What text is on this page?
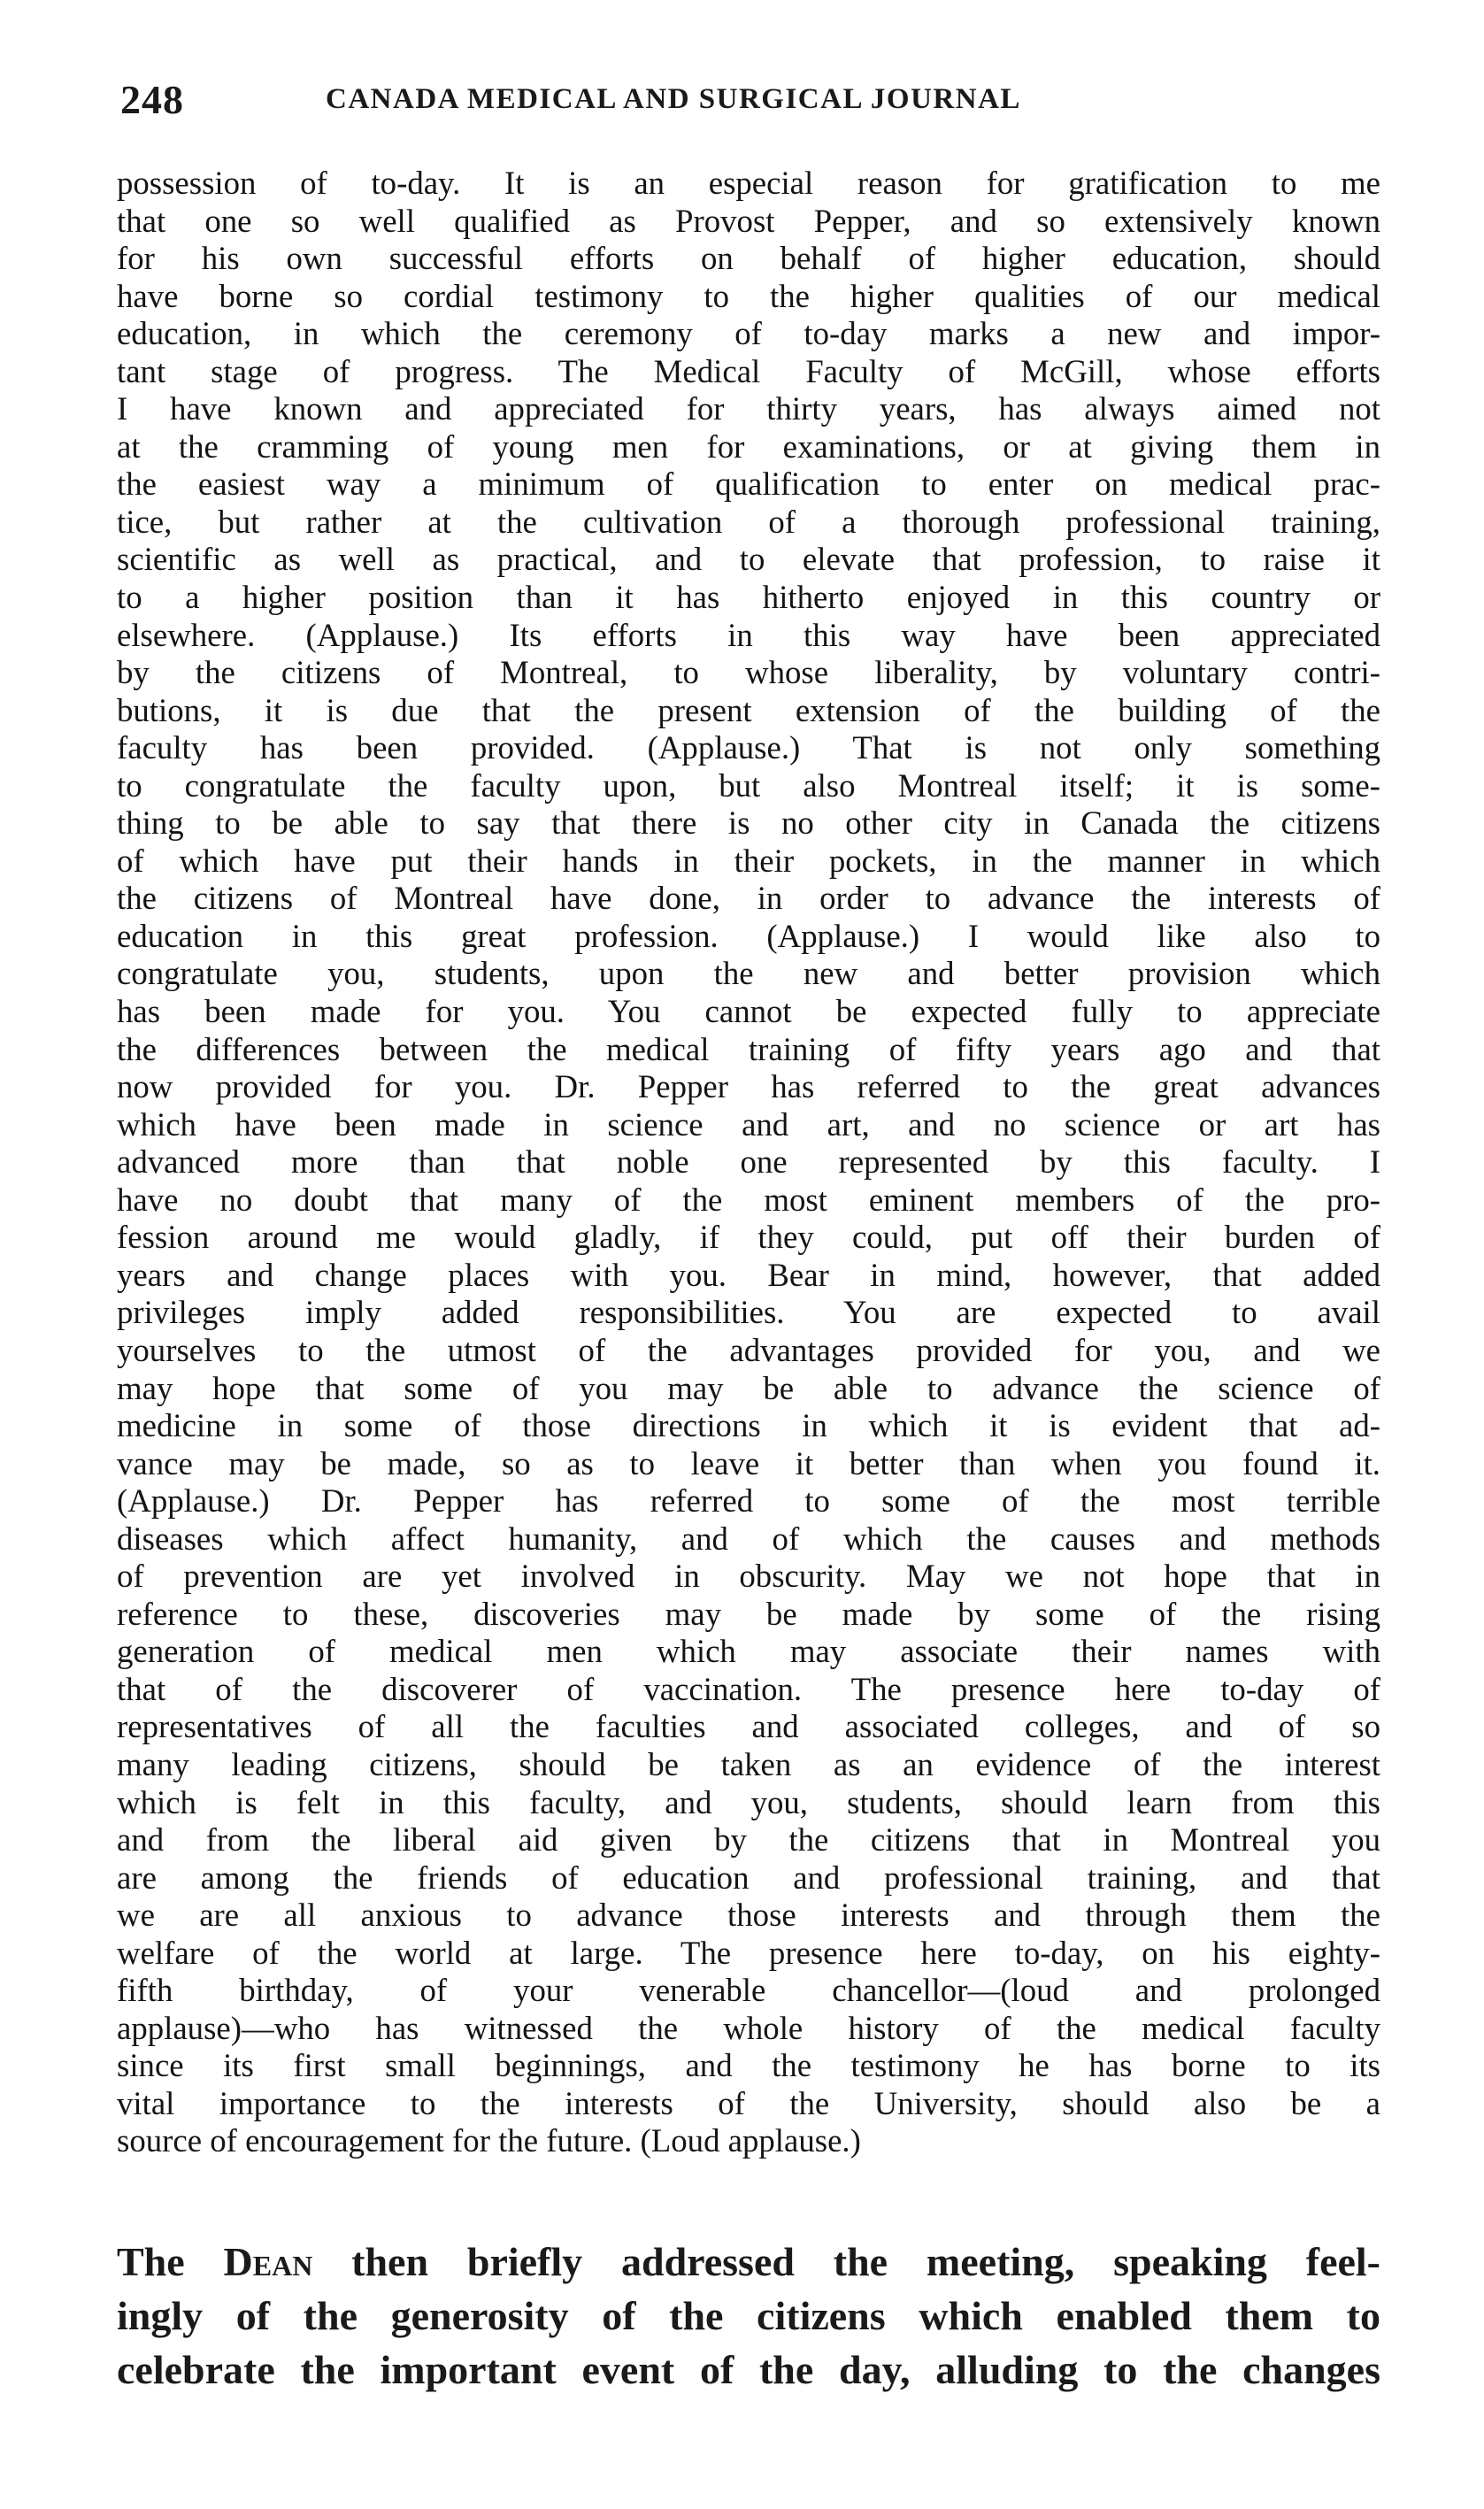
248	CANADA MEDICAL AND SURGICAL JOURNAL
possession of to-day. It is an especial reason for gratification to me
that one so well qualified as Provost Pepper, and so extensively known
for his own successful efforts on behalf of higher education, should
have borne so cordial testimony to the higher qualities of our medical
education, in which the ceremony of to-day marks a new and impor-
tant stage of progress. The Medical Faculty of McGill, whose efforts
I have known and appreciated for thirty years, has always aimed not
at the cramming of young men for examinations, or at giving them in
the easiest way a minimum of qualification to enter on medical prac-
tice, but rather at the cultivation of a thorough professional training,
scientific as well as practical, and to elevate that profession, to raise it
to a higher position than it has hitherto enjoyed in this country or
elsewhere. (Applause.) Its efforts in this way have been appreciated
by the citizens of Montreal, to whose liberality, by voluntary contri-
butions, it is due that the present extension of the building of the
faculty has been provided. (Applause.) That is not only something
to congratulate the faculty upon, but also Montreal itself; it is some-
thing to be able to say that there is no other city in Canada the citizens
of which have put their hands in their pockets, in the manner in which
the citizens of Montreal have done, in order to advance the interests of
education in this great profession. (Applause.) I would like also to
congratulate you, students, upon the new and better provision which
has been made for you. You cannot be expected fully to appreciate
the differences between the medical training of fifty years ago and that
now provided for you. Dr. Pepper has referred to the great advances
which have been made in science and art, and no science or art has
advanced more than that noble one represented by this faculty. I
have no doubt that many of the most eminent members of the pro-
fession around me would gladly, if they could, put off their burden of
years and change places with you. Bear in mind, however, that added
privileges imply added responsibilities. You are expected to avail
yourselves to the utmost of the advantages provided for you, and we
may hope that some of you may be able to advance the science of
medicine in some of those directions in which it is evident that ad-
vance may be made, so as to leave it better than when you found it.
(Applause.) Dr. Pepper has referred to some of the most terrible
diseases which affect humanity, and of which the causes and methods
of prevention are yet involved in obscurity. May we not hope that in
reference to these, discoveries may be made by some of the rising
generation of medical men which may associate their names with
that of the discoverer of vaccination. The presence here to-day of
representatives of all the faculties and associated colleges, and of so
many leading citizens, should be taken as an evidence of the interest
which is felt in this faculty, and you, students, should learn from this
and from the liberal aid given by the citizens that in Montreal you
are among the friends of education and professional training, and that
we are all anxious to advance those interests and through them the
welfare of the world at large. The presence here to-day, on his eighty-
fifth birthday, of your venerable chancellor—(loud and prolonged
applause)—who has witnessed the whole history of the medical faculty
since its first small beginnings, and the testimony he has borne to its
vital importance to the interests of the University, should also be a
source of encouragement for the future. (Loud applause.)
The Dean then briefly addressed the meeting, speaking feel-
ingly of the generosity of the citizens which enabled them to
celebrate the important event of the day, alluding to the changes
